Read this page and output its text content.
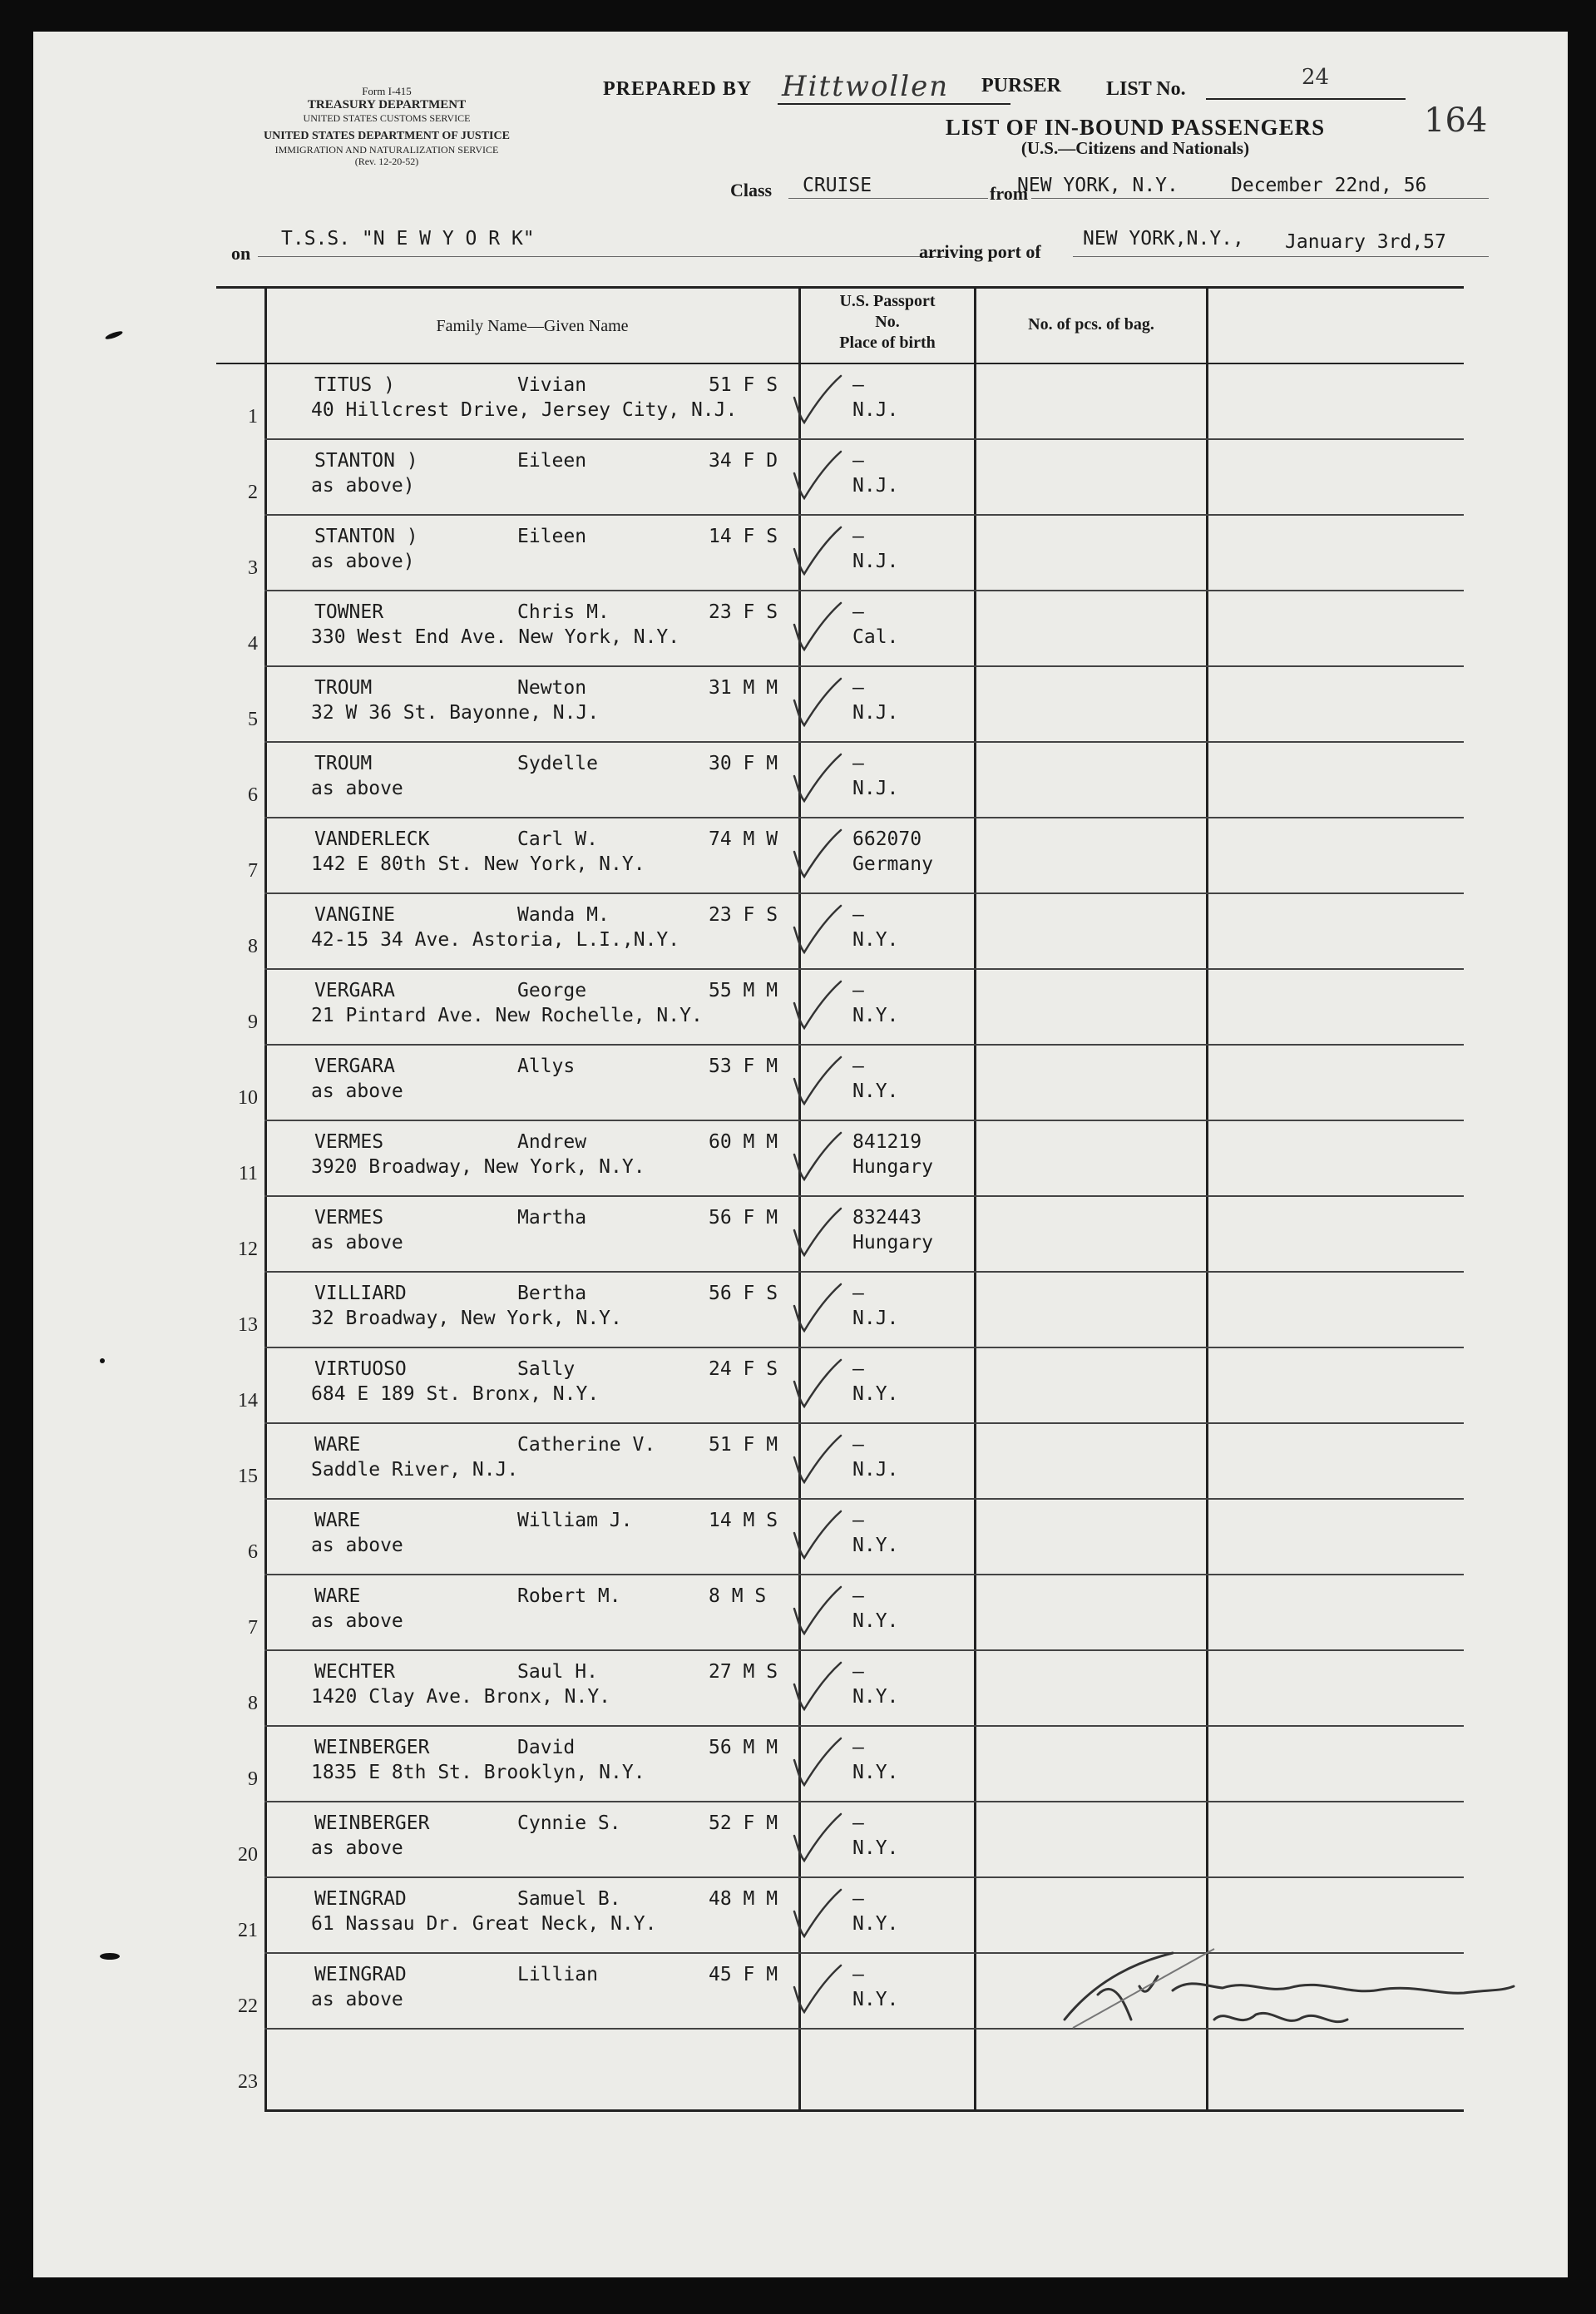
Form I-415
TREASURY DEPARTMENT
UNITED STATES CUSTOMS SERVICE
UNITED STATES DEPARTMENT OF JUSTICE
IMMIGRATION AND NATURALIZATION SERVICE
(Rev. 12-20-52)
PREPARED BY Hittwollen PURSER LIST No.	24
164
LIST OF IN-BOUND PASSENGERS
(U.S.—Citizens and Nationals)
Class CRUISE	from
NEW YORK, N.Y.	December 22nd, 56
on
T.S.S. "N E W Y O R K"
arriving port of
NEW YORK,N.Y., January 3rd,57
Family Name—Given Name
U.S. Passport
No.
Place of birth
No. of pcs. of bag.
1
TITUS )	Vivian	51 F S
40 Hillcrest Drive, Jersey City, N.J.
–
N.J.
2
STANTON )	Eileen	34 F D
as above)
–
N.J.
3
STANTON )	Eileen	14 F S
as above)
–
N.J.
4
TOWNER	Chris M.	23 F S
330 West End Ave. New York, N.Y.
–
Cal.
5
TROUM	Newton	31 M M
32 W 36 St. Bayonne, N.J.
–
N.J.
6
TROUM	Sydelle	30 F M
as above
–
N.J.
7
VANDERLECK	Carl W.	74 M W
142 E 80th St. New York, N.Y.
662070
Germany
8
VANGINE	Wanda M.	23 F S
42-15 34 Ave. Astoria, L.I.,N.Y.
–
N.Y.
9
VERGARA	George	55 M M
21 Pintard Ave. New Rochelle, N.Y.
–
N.Y.
10
VERGARA	Allys	53 F M
as above
–
N.Y.
11
VERMES	Andrew	60 M M
3920 Broadway, New York, N.Y.
841219
Hungary
12
VERMES	Martha	56 F M
as above
832443
Hungary
13
VILLIARD	Bertha	56 F S
32 Broadway, New York, N.Y.
–
N.J.
14
VIRTUOSO	Sally	24 F S
684 E 189 St. Bronx, N.Y.
–
N.Y.
15
WARE	Catherine V.	51 F M
Saddle River, N.J.
–
N.J.
6
WARE	William J.	14 M S
as above
–
N.Y.
7
WARE	Robert M.	8 M S
as above
–
N.Y.
8
WECHTER	Saul H.	27 M S
1420 Clay Ave. Bronx, N.Y.
–
N.Y.
9
WEINBERGER	David	56 M M
1835 E 8th St. Brooklyn, N.Y.
–
N.Y.
20
WEINBERGER	Cynnie S.	52 F M
as above
–
N.Y.
21
WEINGRAD	Samuel B.	48 M M
61 Nassau Dr. Great Neck, N.Y.
–
N.Y.
22
WEINGRAD	Lillian	45 F M
as above
–
N.Y.
23
